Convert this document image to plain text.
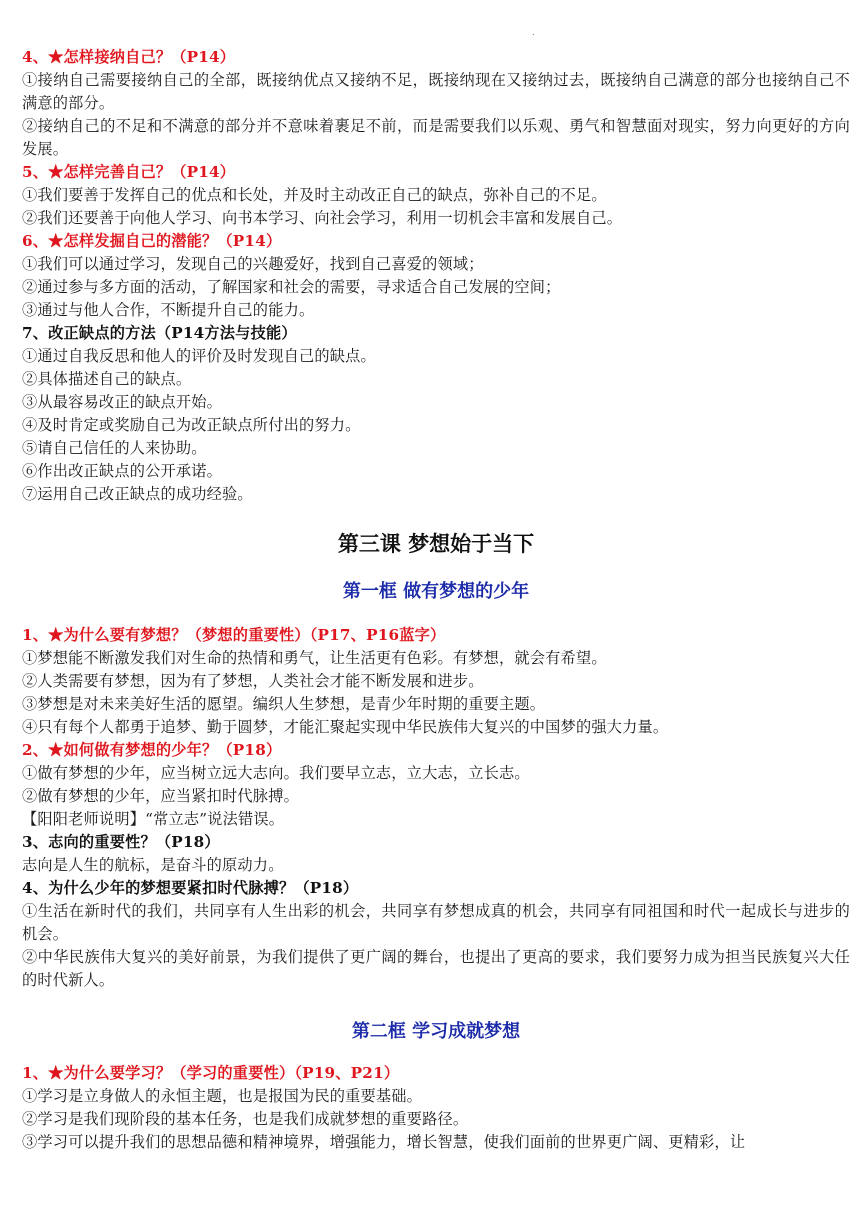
.

4、★怎样接纳自己？（P14）

①接纳自己需要接纳自己的全部，既接纳优点又接纳不足，既接纳现在又接纳过去，既接纳自己满意的部分也接纳自己不满意的部分。

②接纳自己的不足和不满意的部分并不意味着裹足不前，而是需要我们以乐观、勇气和智慧面对现实，努力向更好的方向发展。

5、★怎样完善自己？（P14）

①我们要善于发挥自己的优点和长处，并及时主动改正自己的缺点，弥补自己的不足。

②我们还要善于向他人学习、向书本学习、向社会学习，利用一切机会丰富和发展自己。

6、★怎样发掘自己的潜能？（P14）

①我们可以通过学习，发现自己的兴趣爱好，找到自己喜爱的领域；

②通过参与多方面的活动，了解国家和社会的需要，寻求适合自己发展的空间；

③通过与他人合作，不断提升自己的能力。

7、改正缺点的方法（P14方法与技能）

①通过自我反思和他人的评价及时发现自己的缺点。

②具体描述自己的缺点。

③从最容易改正的缺点开始。

④及时肯定或奖励自己为改正缺点所付出的努力。

⑤请自己信任的人来协助。

⑥作出改正缺点的公开承诺。

⑦运用自己改正缺点的成功经验。

第三课 梦想始于当下
第一框 做有梦想的少年

1、★为什么要有梦想？（梦想的重要性）（P17、P16蓝字）

①梦想能不断激发我们对生命的热情和勇气，让生活更有色彩。有梦想，就会有希望。

②人类需要有梦想，因为有了梦想，人类社会才能不断发展和进步。

③梦想是对未来美好生活的愿望。编织人生梦想，是青少年时期的重要主题。

④只有每个人都勇于追梦、勤于圆梦，才能汇聚起实现中华民族伟大复兴的中国梦的强大力量。

2、★如何做有梦想的少年？（P18）

①做有梦想的少年，应当树立远大志向。我们要早立志，立大志，立长志。

②做有梦想的少年，应当紧扣时代脉搏。

【阳阳老师说明】“常立志”说法错误。

3、志向的重要性？（P18）

志向是人生的航标，是奋斗的原动力。

4、为什么少年的梦想要紧扣时代脉搏？（P18）

①生活在新时代的我们，共同享有人生出彩的机会，共同享有梦想成真的机会，共同享有同祖国和时代一起成长与进步的机会。

②中华民族伟大复兴的美好前景，为我们提供了更广阔的舞台，也提出了更高的要求，我们要努力成为担当民族复兴大任的时代新人。

第二框 学习成就梦想

1、★为什么要学习？（学习的重要性）（P19、P21）

①学习是立身做人的永恒主题，也是报国为民的重要基础。

②学习是我们现阶段的基本任务，也是我们成就梦想的重要路径。

③学习可以提升我们的思想品德和精神境界，增强能力，增长智慧，使我们面前的世界更广阔、更精彩，让
